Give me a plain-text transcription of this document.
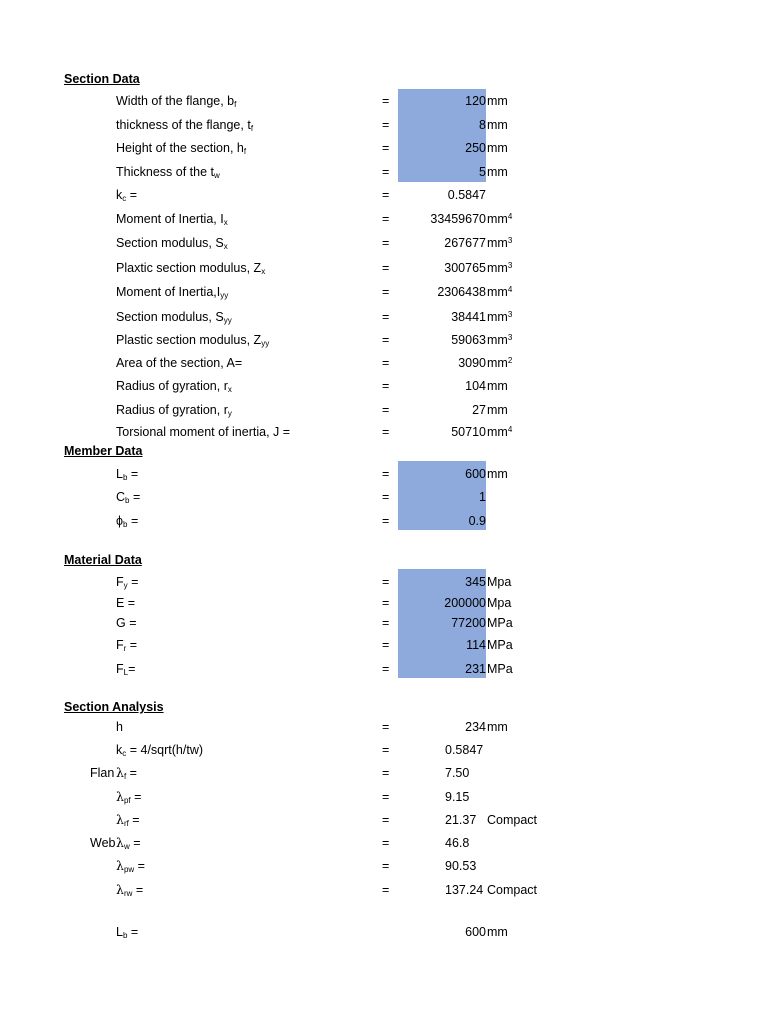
Section Data
Member Data
Material Data
Section Analysis
Width of the flange, $b_f$	=	120 mm
thickness of the flange, $t_f$	=	8 mm
Height of the section, $h_f$	=	250 mm
Thickness of the $t_w$	=	5 mm
$k_c$ =	=	0.5847
Moment of Inertia, $I_x$	=	33459670 $mm^4$
Section modulus, $S_x$	=	267677 $mm^3$
Plaxtic section modulus, $Z_x$	=	300765 $mm^3$
Moment of $Inertia,I_{yy}$	=	2306438 $mm^4$
Section modulus, $S_{yy}$	=	38441 $mm^3$
Plastic section modulus, $Z_{yy}$	=	59063 $mm^3$
Area of the section, A=	=	3090 $mm^2$
Radius of gyration, $r_x$	=	104 mm
Radius of gyration, $r_y$	=	27 mm
Torsional moment of inertia, J =	=	50710 $mm^4$
$L_b$ =	=	600 mm
$C_b$ =	=	1
$\phi_b$ =	=	0.9
$F_y$ =	=	345 Mpa
E =	=	200000 Mpa
G =	=	77200 MPa
$F_r$ =	=	114 MPa
$F_L=$	=	231 MPa
h	=	234 mm
$k_c$ = 4/sqrt(h/tw)	=	0.5847
Flan $\lambda_f$ =	=	7.50
$\lambda_{pf}$ =	=	9.15
$\lambda_{rf}$ =	=	21.37 Compact
Web $\lambda_w$ =	=	46.8
$\lambda_{pw}$ =	=	90.53
$\lambda_{rw}$ =	=	137.24 Compact
$L_b$ =	600 mm
